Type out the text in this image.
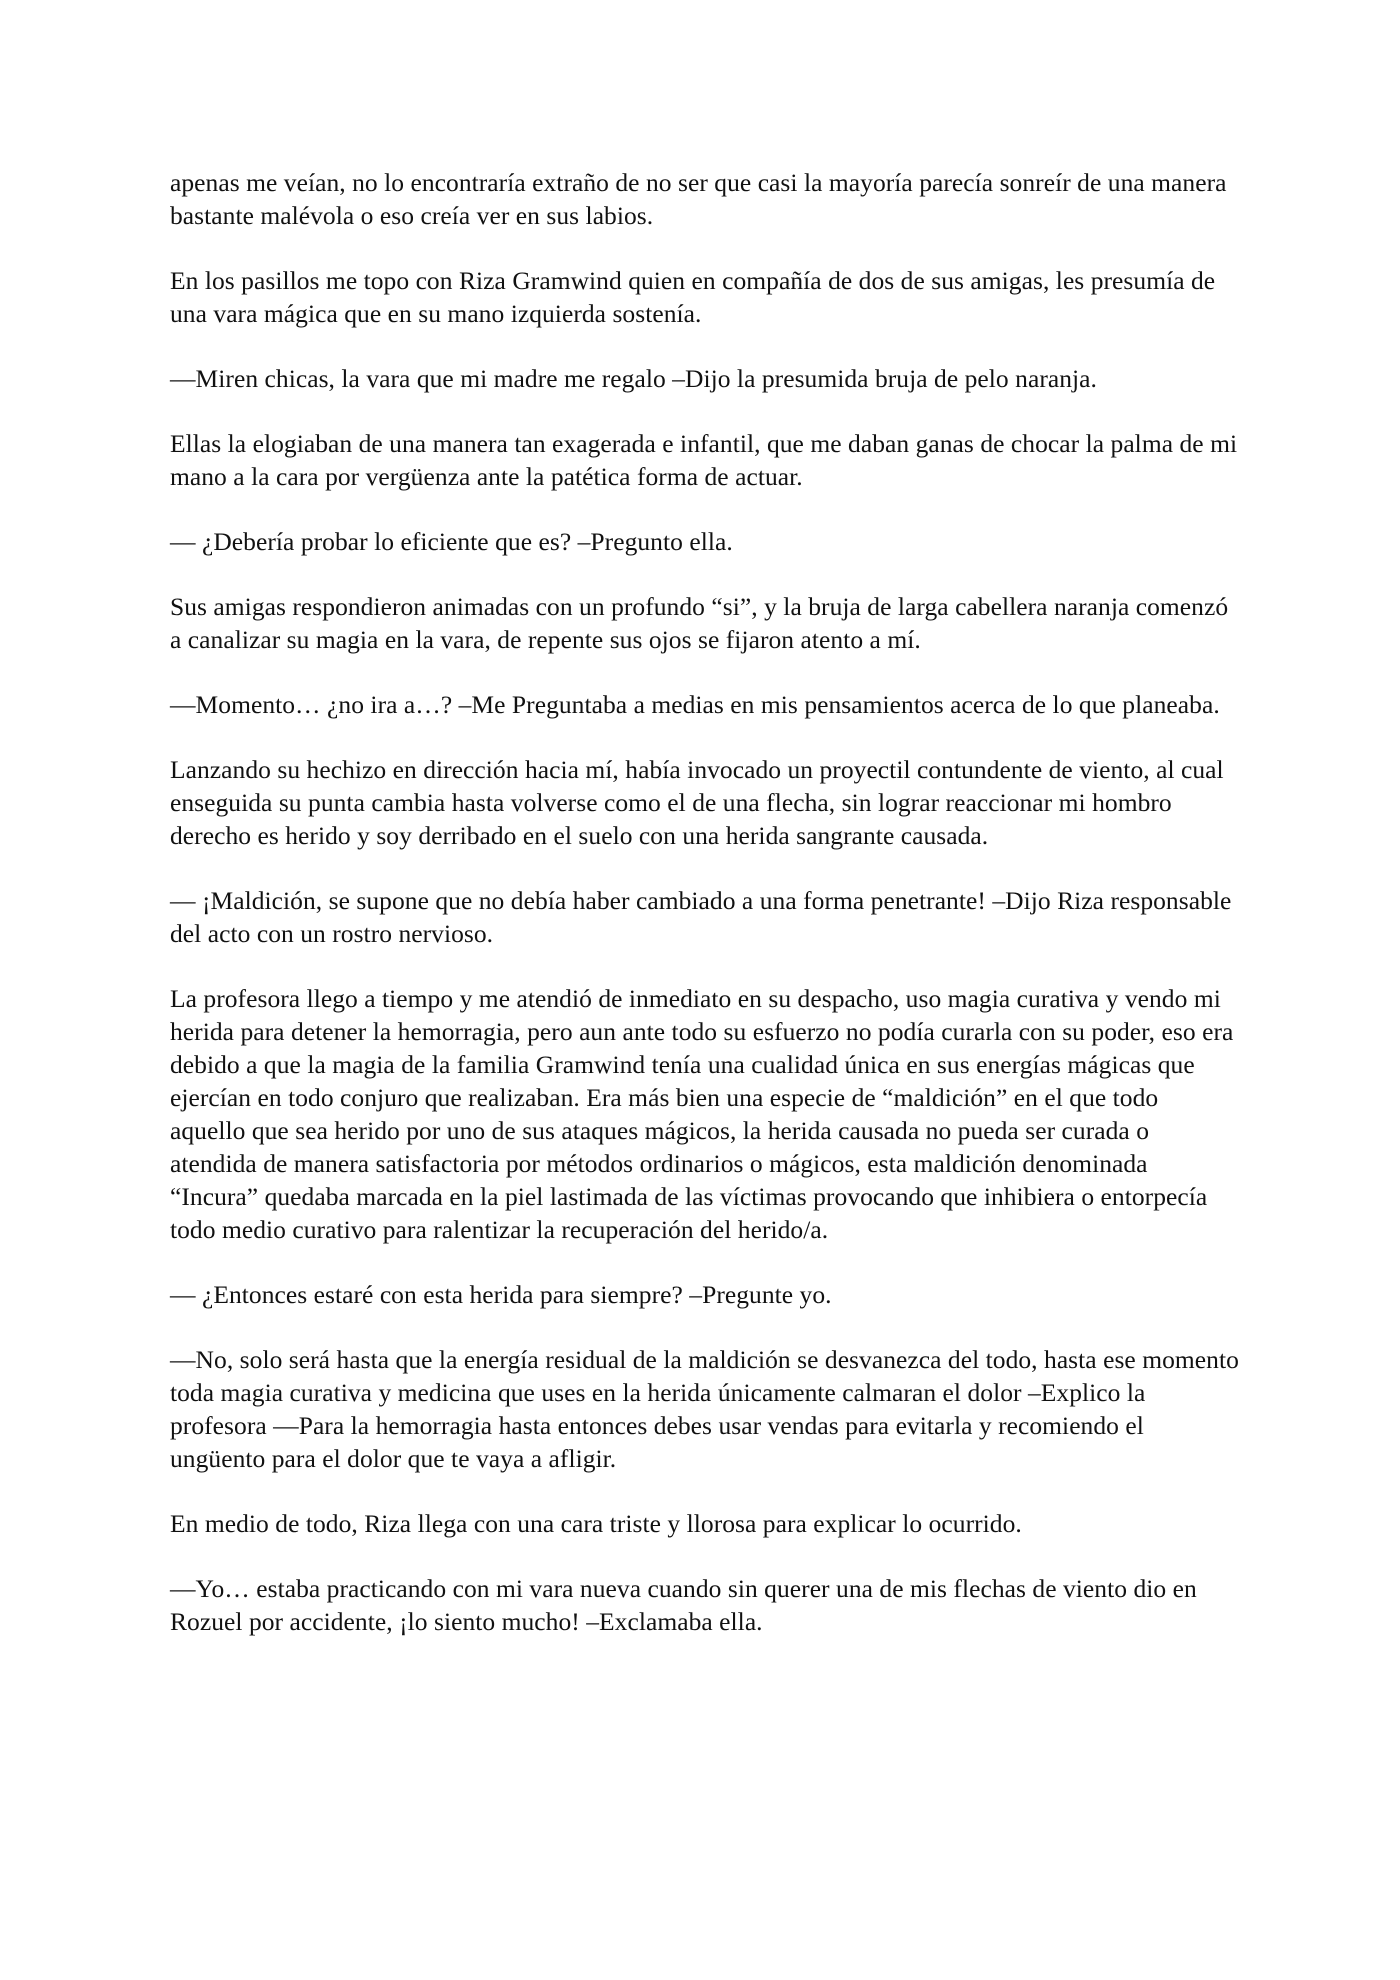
apenas me veían, no lo encontraría extraño de no ser que casi la mayoría parecía sonreír de una manera bastante malévola o eso creía ver en sus labios.

En los pasillos me topo con Riza Gramwind quien en compañía de dos de sus amigas, les presumía de una vara mágica que en su mano izquierda sostenía.

—Miren chicas, la vara que mi madre me regalo –Dijo la presumida bruja de pelo naranja.

Ellas la elogiaban de una manera tan exagerada e infantil, que me daban ganas de chocar la palma de mi mano a la cara por vergüenza ante la patética forma de actuar.

— ¿Debería probar lo eficiente que es? –Pregunto ella.

Sus amigas respondieron animadas con un profundo “si”, y la bruja de larga cabellera naranja comenzó a canalizar su magia en la vara, de repente sus ojos se fijaron atento a mí.

—Momento… ¿no ira a…? –Me Preguntaba a medias en mis pensamientos acerca de lo que planeaba.

Lanzando su hechizo en dirección hacia mí, había invocado un proyectil contundente de viento, al cual enseguida su punta cambia hasta volverse como el de una flecha, sin lograr reaccionar mi hombro derecho es herido y soy derribado en el suelo con una herida sangrante causada.

— ¡Maldición, se supone que no debía haber cambiado a una forma penetrante! –Dijo Riza responsable del acto con un rostro nervioso.

La profesora llego a tiempo y me atendió de inmediato en su despacho, uso magia curativa y vendo mi herida para detener la hemorragia, pero aun ante todo su esfuerzo no podía curarla con su poder, eso era debido a que la magia de la familia Gramwind tenía una cualidad única en sus energías mágicas que ejercían en todo conjuro que realizaban. Era más bien una especie de “maldición” en el que todo aquello que sea herido por uno de sus ataques mágicos, la herida causada no pueda ser curada o atendida de manera satisfactoria por métodos ordinarios o mágicos, esta maldición denominada “Incura” quedaba marcada en la piel lastimada de las víctimas provocando que inhibiera o entorpecía todo medio curativo para ralentizar la recuperación del herido/a.

— ¿Entonces estaré con esta herida para siempre? –Pregunte yo.

—No, solo será hasta que la energía residual de la maldición se desvanezca del todo, hasta ese momento toda magia curativa y medicina que uses en la herida únicamente calmaran el dolor –Explico la profesora —Para la hemorragia hasta entonces debes usar vendas para evitarla y recomiendo el ungüento para el dolor que te vaya a afligir.

En medio de todo, Riza llega con una cara triste y llorosa para explicar lo ocurrido.

—Yo… estaba practicando con mi vara nueva cuando sin querer una de mis flechas de viento dio en Rozuel por accidente, ¡lo siento mucho! –Exclamaba ella.
